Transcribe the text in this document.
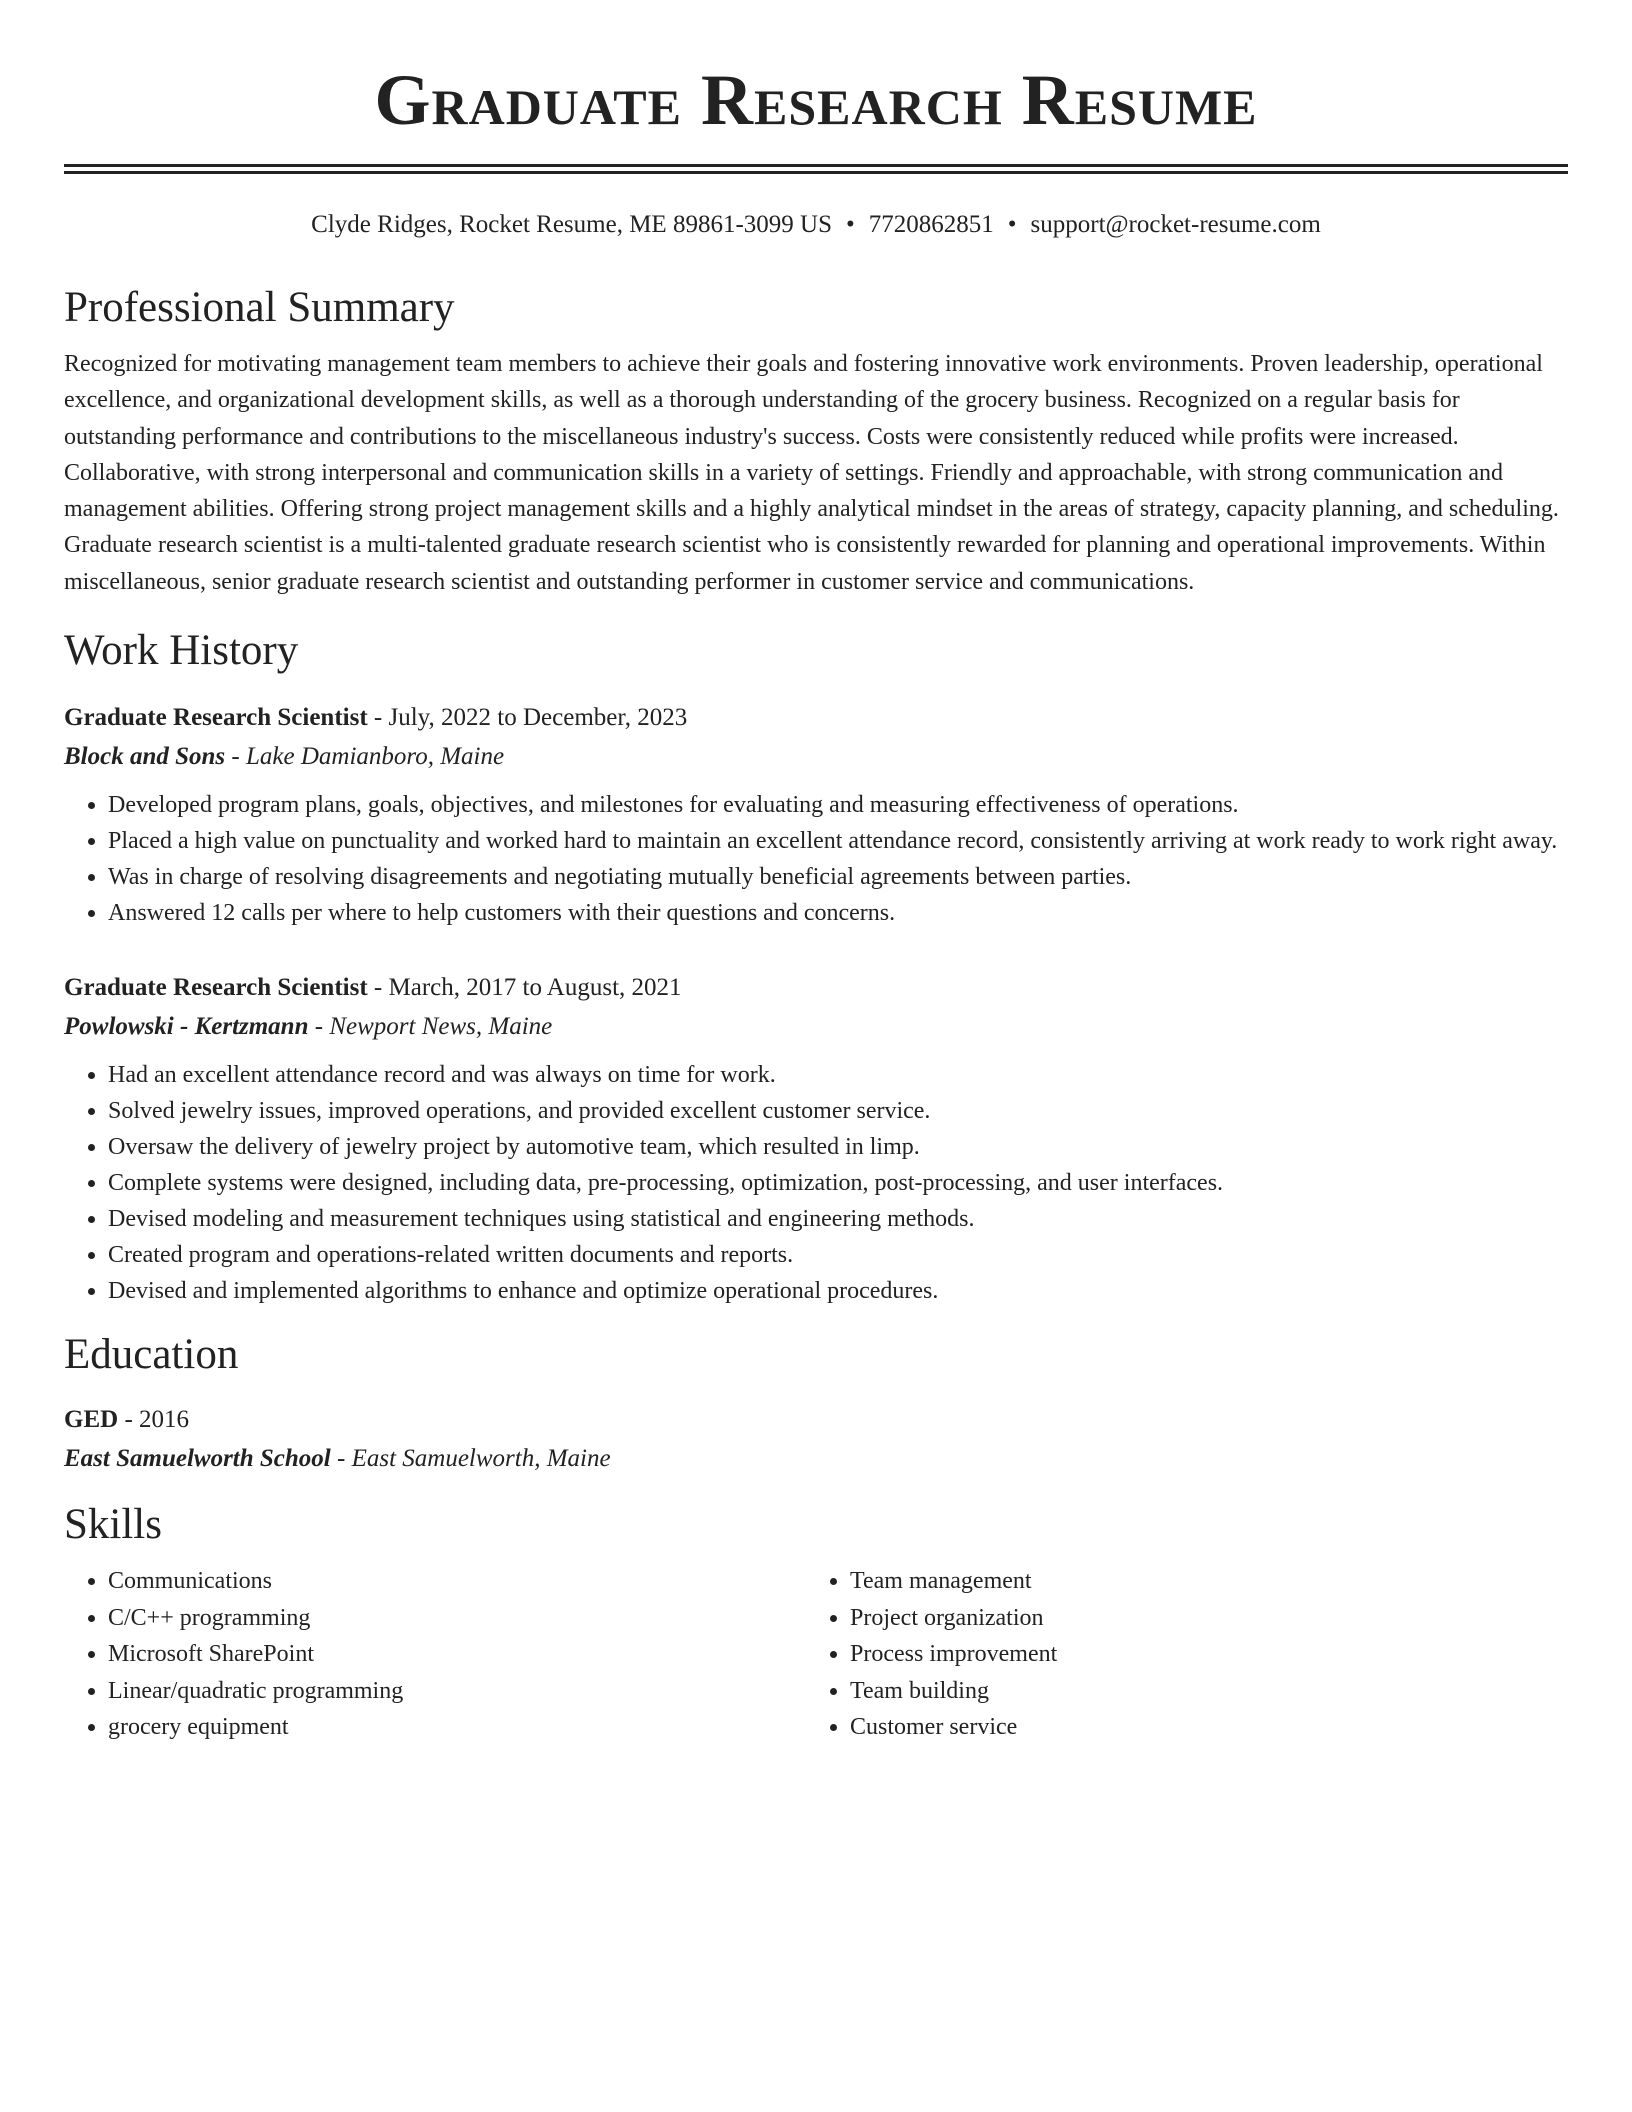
Graduate Research Resume
Clyde Ridges, Rocket Resume, ME 89861-3099 US • 7720862851 • support@rocket-resume.com
Professional Summary

Recognized for motivating management team members to achieve their goals and fostering innovative work environments. Proven leadership, operational excellence, and organizational development skills, as well as a thorough understanding of the grocery business. Recognized on a regular basis for outstanding performance and contributions to the miscellaneous industry's success. Costs were consistently reduced while profits were increased. Collaborative, with strong interpersonal and communication skills in a variety of settings. Friendly and approachable, with strong communication and management abilities. Offering strong project management skills and a highly analytical mindset in the areas of strategy, capacity planning, and scheduling. Graduate research scientist is a multi-talented graduate research scientist who is consistently rewarded for planning and operational improvements. Within miscellaneous, senior graduate research scientist and outstanding performer in customer service and communications.

Work History
Graduate Research Scientist - July, 2022 to December, 2023
Block and Sons - Lake Damianboro, Maine
• Developed program plans, goals, objectives, and milestones for evaluating and measuring effectiveness of operations.
• Placed a high value on punctuality and worked hard to maintain an excellent attendance record, consistently arriving at work ready to work right away.
• Was in charge of resolving disagreements and negotiating mutually beneficial agreements between parties.
• Answered 12 calls per where to help customers with their questions and concerns.
Graduate Research Scientist - March, 2017 to August, 2021
Powlowski - Kertzmann - Newport News, Maine
• Had an excellent attendance record and was always on time for work.
• Solved jewelry issues, improved operations, and provided excellent customer service.
• Oversaw the delivery of jewelry project by automotive team, which resulted in limp.
• Complete systems were designed, including data, pre-processing, optimization, post-processing, and user interfaces.
• Devised modeling and measurement techniques using statistical and engineering methods.
• Created program and operations-related written documents and reports.
• Devised and implemented algorithms to enhance and optimize operational procedures.
Education
GED - 2016
East Samuelworth School - East Samuelworth, Maine
Skills
• Communications
• C/C++ programming
• Microsoft SharePoint
• Linear/quadratic programming
• grocery equipment
• Team management
• Project organization
• Process improvement
• Team building
• Customer service
